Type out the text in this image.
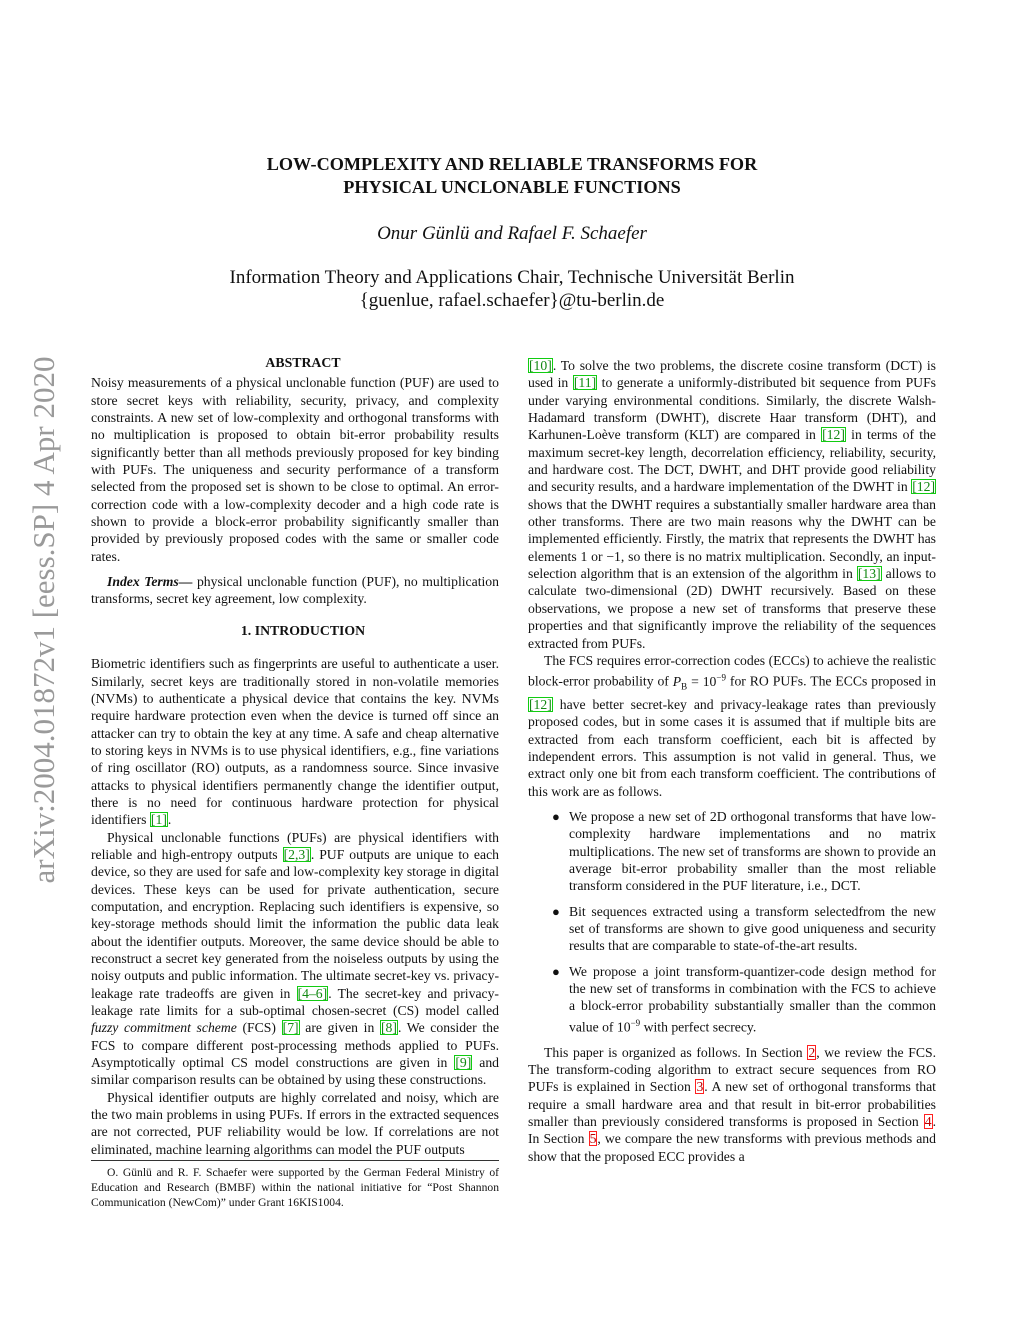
LOW-COMPLEXITY AND RELIABLE TRANSFORMS FOR
PHYSICAL UNCLONABLE FUNCTIONS
Onur Günlü and Rafael F. Schaefer
Information Theory and Applications Chair, Technische Universität Berlin
{guenlue, rafael.schaefer}@tu-berlin.de
arXiv:2004.01872v1 [eess.SP] 4 Apr 2020	ABSTRACT

Noisy measurements of a physical unclonable function (PUF) are used to store secret keys with reliability, security, privacy, and complexity constraints. A new set of low-complexity and orthogonal transforms with no multiplication is proposed to obtain bit-error probability results significantly better than all methods previously proposed for key binding with PUFs. The uniqueness and security performance of a transform selected from the proposed set is shown to be close to optimal. An error-correction code with a low-complexity decoder and a high code rate is shown to provide a block-error probability significantly smaller than provided by previously proposed codes with the same or smaller code rates.

Index Terms— physical unclonable function (PUF), no multiplication transforms, secret key agreement, low complexity.

1. INTRODUCTION

Biometric identifiers such as fingerprints are useful to authenticate a user. Similarly, secret keys are traditionally stored in non-volatile memories (NVMs) to authenticate a physical device that contains the key. NVMs require hardware protection even when the device is turned off since an attacker can try to obtain the key at any time. A safe and cheap alternative to storing keys in NVMs is to use physical identifiers, e.g., fine variations of ring oscillator (RO) outputs, as a randomness source. Since invasive attacks to physical identifiers permanently change the identifier output, there is no need for continuous hardware protection for physical identifiers [1].

Physical unclonable functions (PUFs) are physical identifiers with reliable and high-entropy outputs [2,3]. PUF outputs are unique to each device, so they are used for safe and low-complexity key storage in digital devices. These keys can be used for private authentication, secure computation, and encryption. Replacing such identifiers is expensive, so key-storage methods should limit the information the public data leak about the identifier outputs. Moreover, the same device should be able to reconstruct a secret key generated from the noiseless outputs by using the noisy outputs and public information. The ultimate secret-key vs. privacy-leakage rate tradeoffs are given in [4–6]. The secret-key and privacy-leakage rate limits for a sub-optimal chosen-secret (CS) model called fuzzy commitment scheme (FCS) [7] are given in [8]. We consider the FCS to compare different post-processing methods applied to PUFs. Asymptotically optimal CS model constructions are given in [9] and similar comparison results can be obtained by using these constructions.

Physical identifier outputs are highly correlated and noisy, which are the two main problems in using PUFs. If errors in the extracted sequences are not corrected, PUF reliability would be low. If correlations are not eliminated, machine learning algorithms can model the PUF outputs

O. Günlü and R. F. Schaefer were supported by the German Federal Ministry of Education and Research (BMBF) within the national initiative for “Post Shannon Communication (NewCom)” under Grant 16KIS1004.

[10]. To solve the two problems, the discrete cosine transform (DCT) is used in [11] to generate a uniformly-distributed bit sequence from PUFs under varying environmental conditions. Similarly, the discrete Walsh-Hadamard transform (DWHT), discrete Haar transform (DHT), and Karhunen-Loève transform (KLT) are compared in [12] in terms of the maximum secret-key length, decorrelation efficiency, reliability, security, and hardware cost. The DCT, DWHT, and DHT provide good reliability and security results, and a hardware implementation of the DWHT in [12] shows that the DWHT requires a substantially smaller hardware area than other transforms. There are two main reasons why the DWHT can be implemented efficiently. Firstly, the matrix that represents the DWHT has elements 1 or −1, so there is no matrix multiplication. Secondly, an input-selection algorithm that is an extension of the algorithm in [13] allows to calculate two-dimensional (2D) DWHT recursively. Based on these observations, we propose a new set of transforms that preserve these properties and that significantly improve the reliability of the sequences extracted from PUFs.

The FCS requires error-correction codes (ECCs) to achieve the realistic block-error probability of $P_B = 10^{-9}$ for RO PUFs. The ECCs proposed in [12] have better secret-key and privacy-leakage rates than previously proposed codes, but in some cases it is assumed that if multiple bits are extracted from each transform coefficient, each bit is affected by independent errors. This assumption is not valid in general. Thus, we extract only one bit from each transform coefficient. The contributions of this work are as follows.

● We propose a new set of 2D orthogonal transforms that have low-complexity hardware implementations and no matrix multiplications. The new set of transforms are shown to provide an average bit-error probability smaller than the most reliable transform considered in the PUF literature, i.e., DCT.
● Bit sequences extracted using a transform selectedfrom the new set of transforms are shown to give good uniqueness and security results that are comparable to state-of-the-art results.
● We propose a joint transform-quantizer-code design method for the new set of transforms in combination with the FCS to achieve a block-error probability substantially smaller than the common value of $10^{-9}$ with perfect secrecy.

This paper is organized as follows. In Section 2, we review the FCS. The transform-coding algorithm to extract secure sequences from RO PUFs is explained in Section 3. A new set of orthogonal transforms that require a small hardware area and that result in bit-error probabilities smaller than previously considered transforms is proposed in Section 4. In Section 5, we compare the new transforms with previous methods and show that the proposed ECC provides a
